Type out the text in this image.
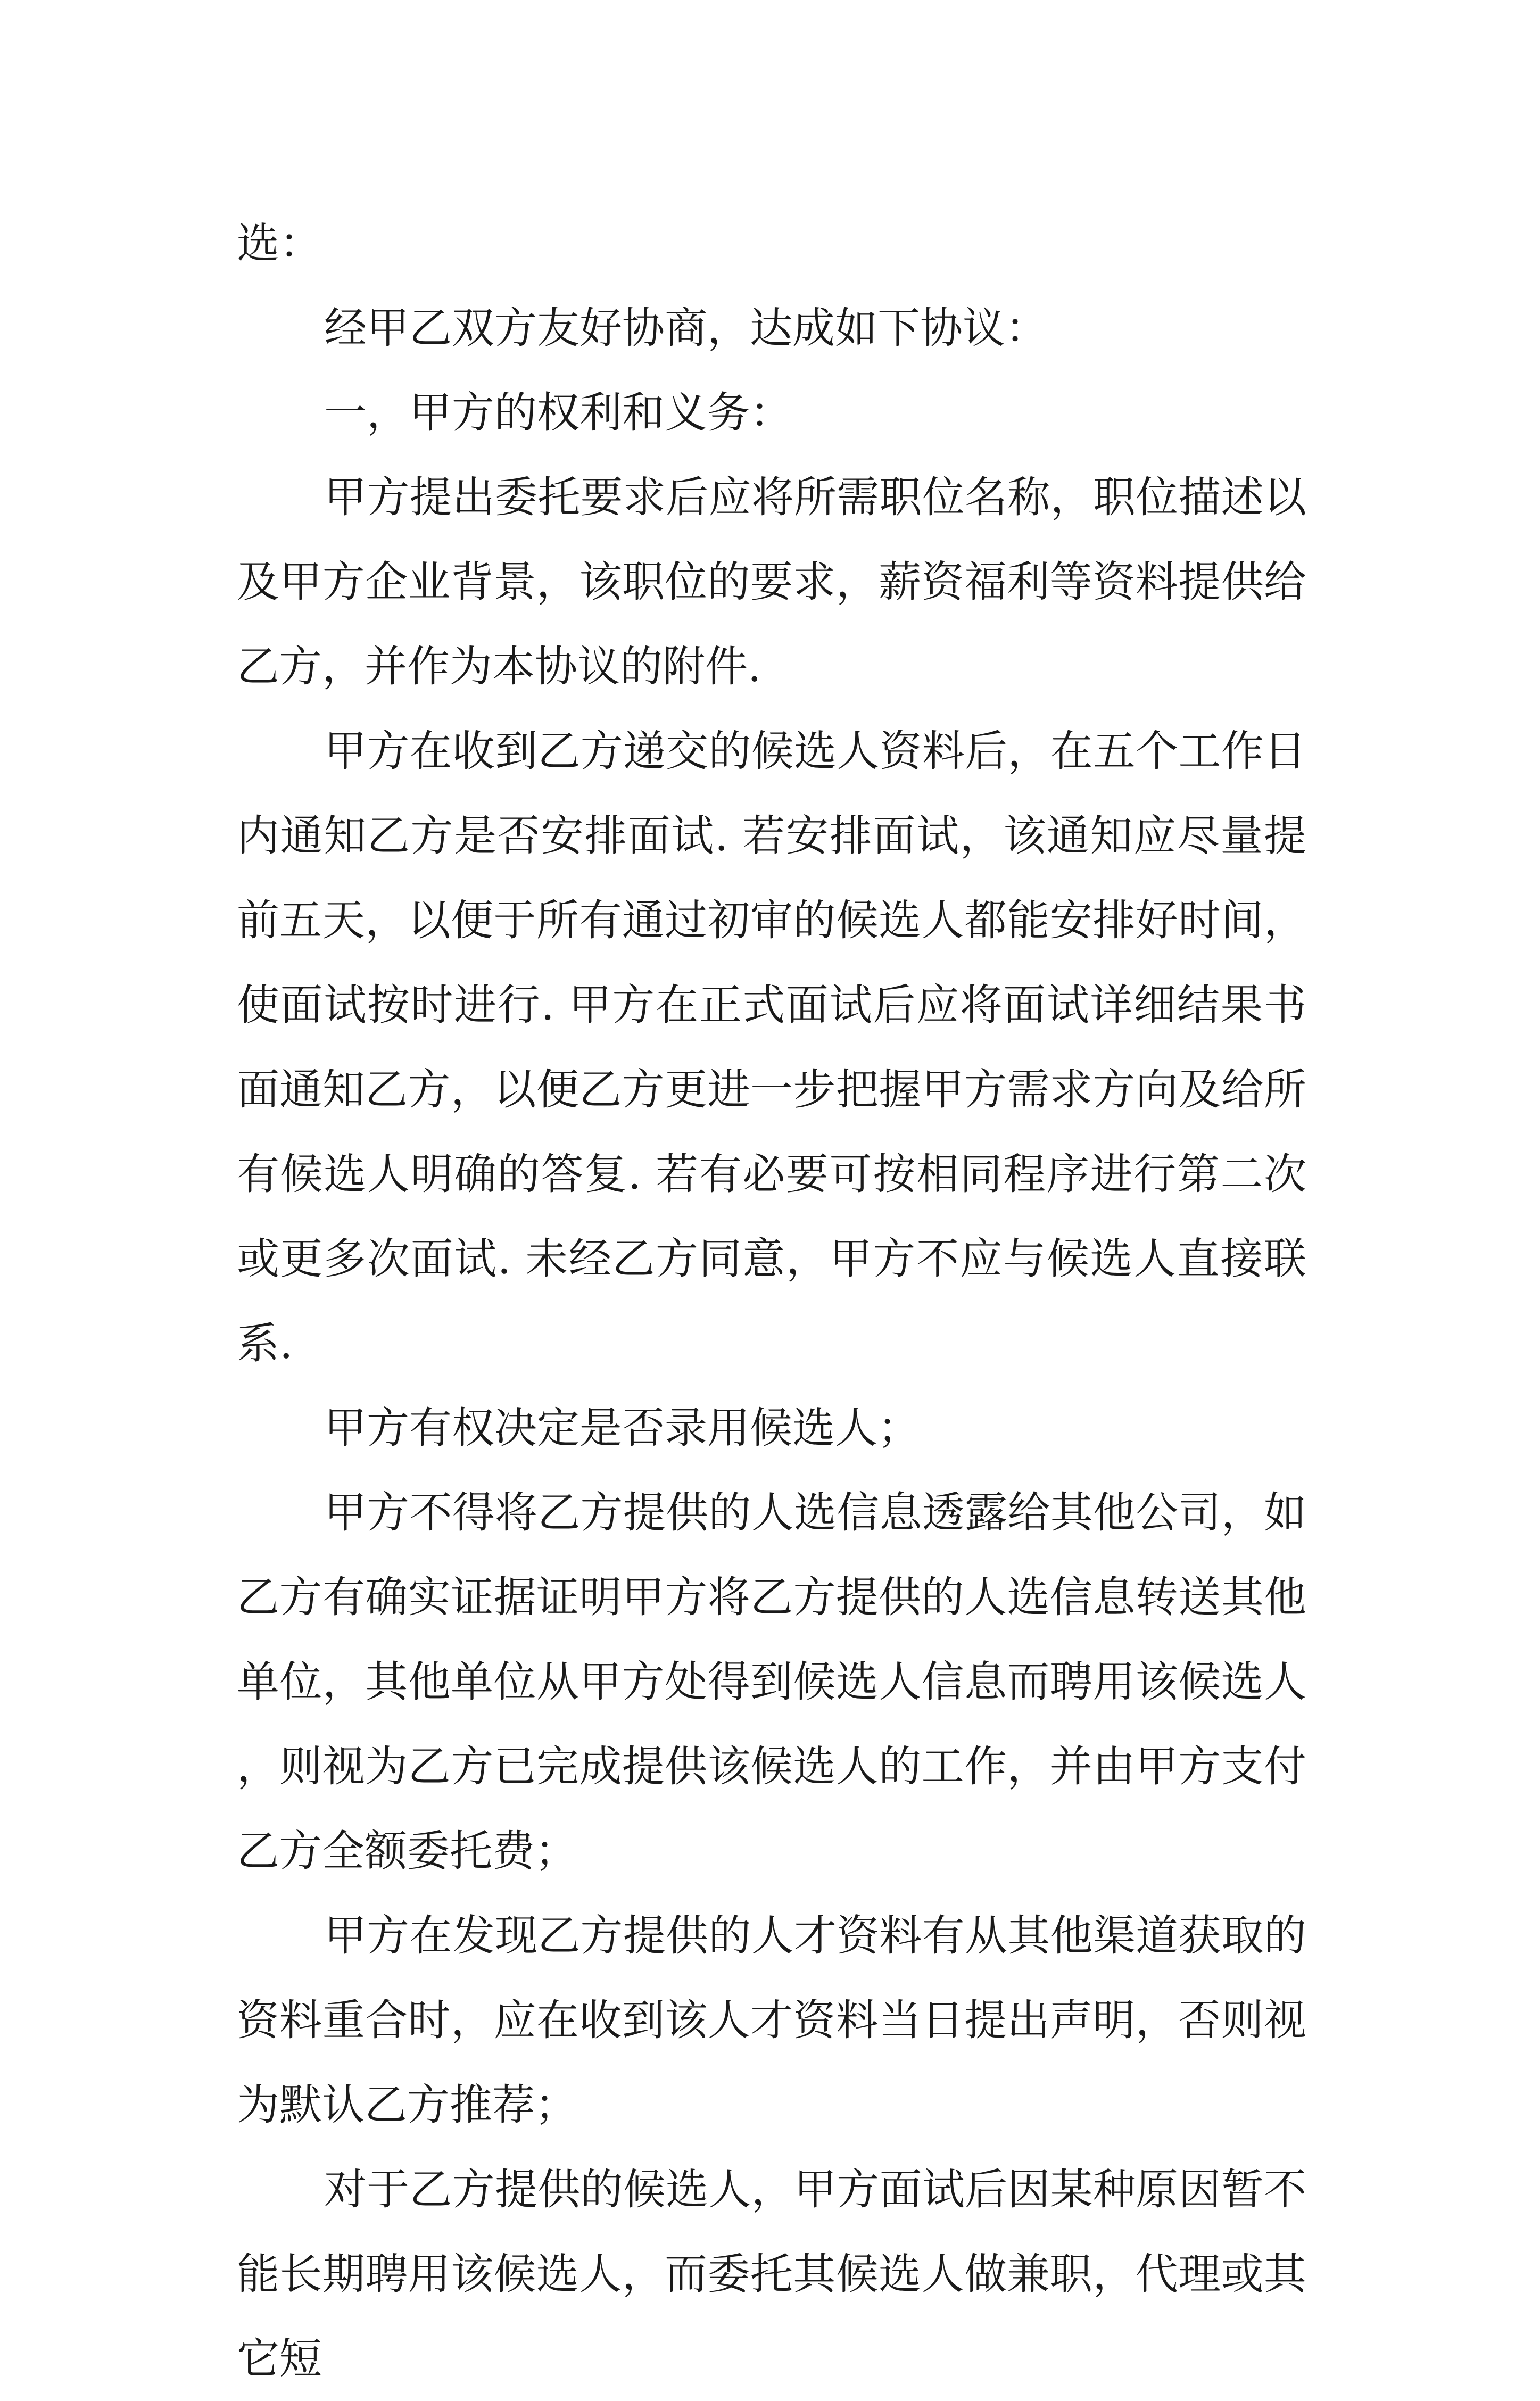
选：

经甲乙双方友好协商，达成如下协议：

一，甲方的权利和义务：

甲方提出委托要求后应将所需职位名称，职位描述以及甲方企业背景，该职位的要求，薪资福利等资料提供给乙方，并作为本协议的附件.

甲方在收到乙方递交的候选人资料后，在五个工作日内通知乙方是否安排面试. 若安排面试，该通知应尽量提前五天，以便于所有通过初审的候选人都能安排好时间，使面试按时进行. 甲方在正式面试后应将面试详细结果书面通知乙方，以便乙方更进一步把握甲方需求方向及给所有候选人明确的答复. 若有必要可按相同程序进行第二次或更多次面试. 未经乙方同意，甲方不应与候选人直接联系.

甲方有权决定是否录用候选人；

甲方不得将乙方提供的人选信息透露给其他公司，如乙方有确实证据证明甲方将乙方提供的人选信息转送其他单位，其他单位从甲方处得到候选人信息而聘用该候选人，则视为乙方已完成提供该候选人的工作，并由甲方支付乙方全额委托费；

甲方在发现乙方提供的人才资料有从其他渠道获取的资料重合时，应在收到该人才资料当日提出声明，否则视为默认乙方推荐；

对于乙方提供的候选人，甲方面试后因某种原因暂不能长期聘用该候选人，而委托其候选人做兼职，代理或其它短
